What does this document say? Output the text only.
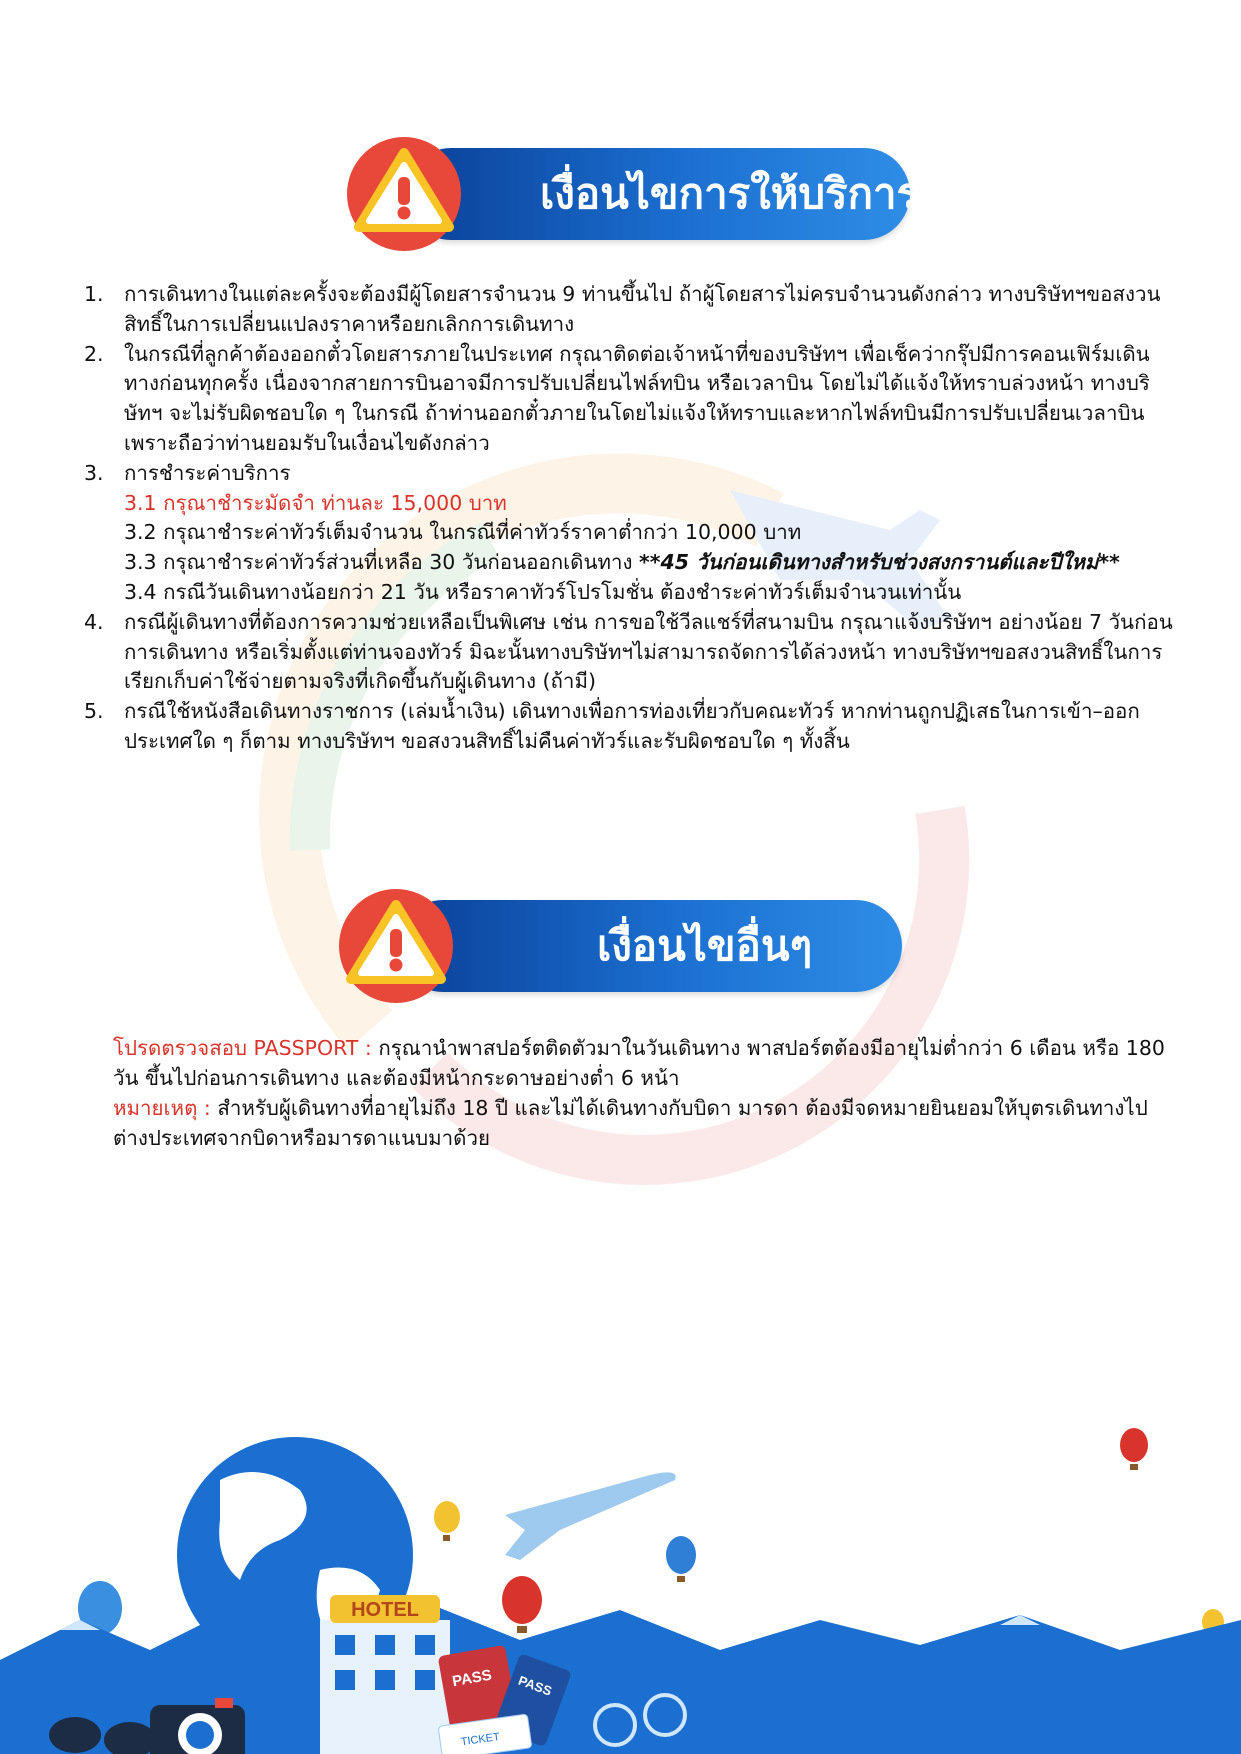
เงื่อนไขการให้บริการ
1. การเดินทางในแต่ละครั้งจะต้องมีผู้โดยสารจำนวน 9 ท่านขึ้นไป ถ้าผู้โดยสารไม่ครบจำนวนดังกล่าว ทางบริษัทฯขอสงวนสิทธิ์ในการเปลี่ยนแปลงราคาหรือยกเลิกการเดินทาง
2. ในกรณีที่ลูกค้าต้องออกตั๋วโดยสารภายในประเทศ กรุณาติดต่อเจ้าหน้าที่ของบริษัทฯ เพื่อเช็คว่ากรุ๊ปมีการคอนเฟิร์มเดินทางก่อนทุกครั้ง เนื่องจากสายการบินอาจมีการปรับเปลี่ยนไฟล์ทบิน หรือเวลาบิน โดยไม่ได้แจ้งให้ทราบล่วงหน้า ทางบริษัทฯ จะไม่รับผิดชอบใด ๆ ในกรณี ถ้าท่านออกตั๋วภายในโดยไม่แจ้งให้ทราบและหากไฟล์ทบินมีการปรับเปลี่ยนเวลาบินเพราะถือว่าท่านยอมรับในเงื่อนไขดังกล่าว
3. การชำระค่าบริการ
3.1 กรุณาชำระมัดจำ ท่านละ 15,000 บาท
3.2 กรุณาชำระค่าทัวร์เต็มจำนวน ในกรณีที่ค่าทัวร์ราคาต่ำกว่า 10,000 บาท
3.3 กรุณาชำระค่าทัวร์ส่วนที่เหลือ 30 วันก่อนออกเดินทาง **45 วันก่อนเดินทางสำหรับช่วงสงกรานต์และปีใหม่**
3.4 กรณีวันเดินทางน้อยกว่า 21 วัน หรือราคาทัวร์โปรโมชั่น ต้องชำระค่าทัวร์เต็มจำนวนเท่านั้น
4. กรณีผู้เดินทางที่ต้องการความช่วยเหลือเป็นพิเศษ เช่น การขอใช้วีลแชร์ที่สนามบิน กรุณาแจ้งบริษัทฯ อย่างน้อย 7 วันก่อนการเดินทาง หรือเริ่มตั้งแต่ท่านจองทัวร์ มิฉะนั้นทางบริษัทฯไม่สามารถจัดการได้ล่วงหน้า ทางบริษัทฯขอสงวนสิทธิ์ในการเรียกเก็บค่าใช้จ่ายตามจริงที่เกิดขึ้นกับผู้เดินทาง (ถ้ามี)
5. กรณีใช้หนังสือเดินทางราชการ (เล่มน้ำเงิน) เดินทางเพื่อการท่องเที่ยวกับคณะทัวร์ หากท่านถูกปฏิเสธในการเข้า–ออกประเทศใด ๆ ก็ตาม ทางบริษัทฯ ขอสงวนสิทธิ์ไม่คืนค่าทัวร์และรับผิดชอบใด ๆ ทั้งสิ้น
เงื่อนไขอื่นๆ
โปรดตรวจสอบ PASSPORT : กรุณานำพาสปอร์ตติดตัวมาในวันเดินทาง พาสปอร์ตต้องมีอายุไม่ต่ำกว่า 6 เดือน หรือ 180 วัน ขึ้นไปก่อนการเดินทาง และต้องมีหน้ากระดาษอย่างต่ำ 6 หน้า
หมายเหตุ : สำหรับผู้เดินทางที่อายุไม่ถึง 18 ปี และไม่ได้เดินทางกับบิดา มารดา ต้องมีจดหมายยินยอมให้บุตรเดินทางไปต่างประเทศจากบิดาหรือมารดาแนบมาด้วย
HOTEL
PASS PASS
TICKET
